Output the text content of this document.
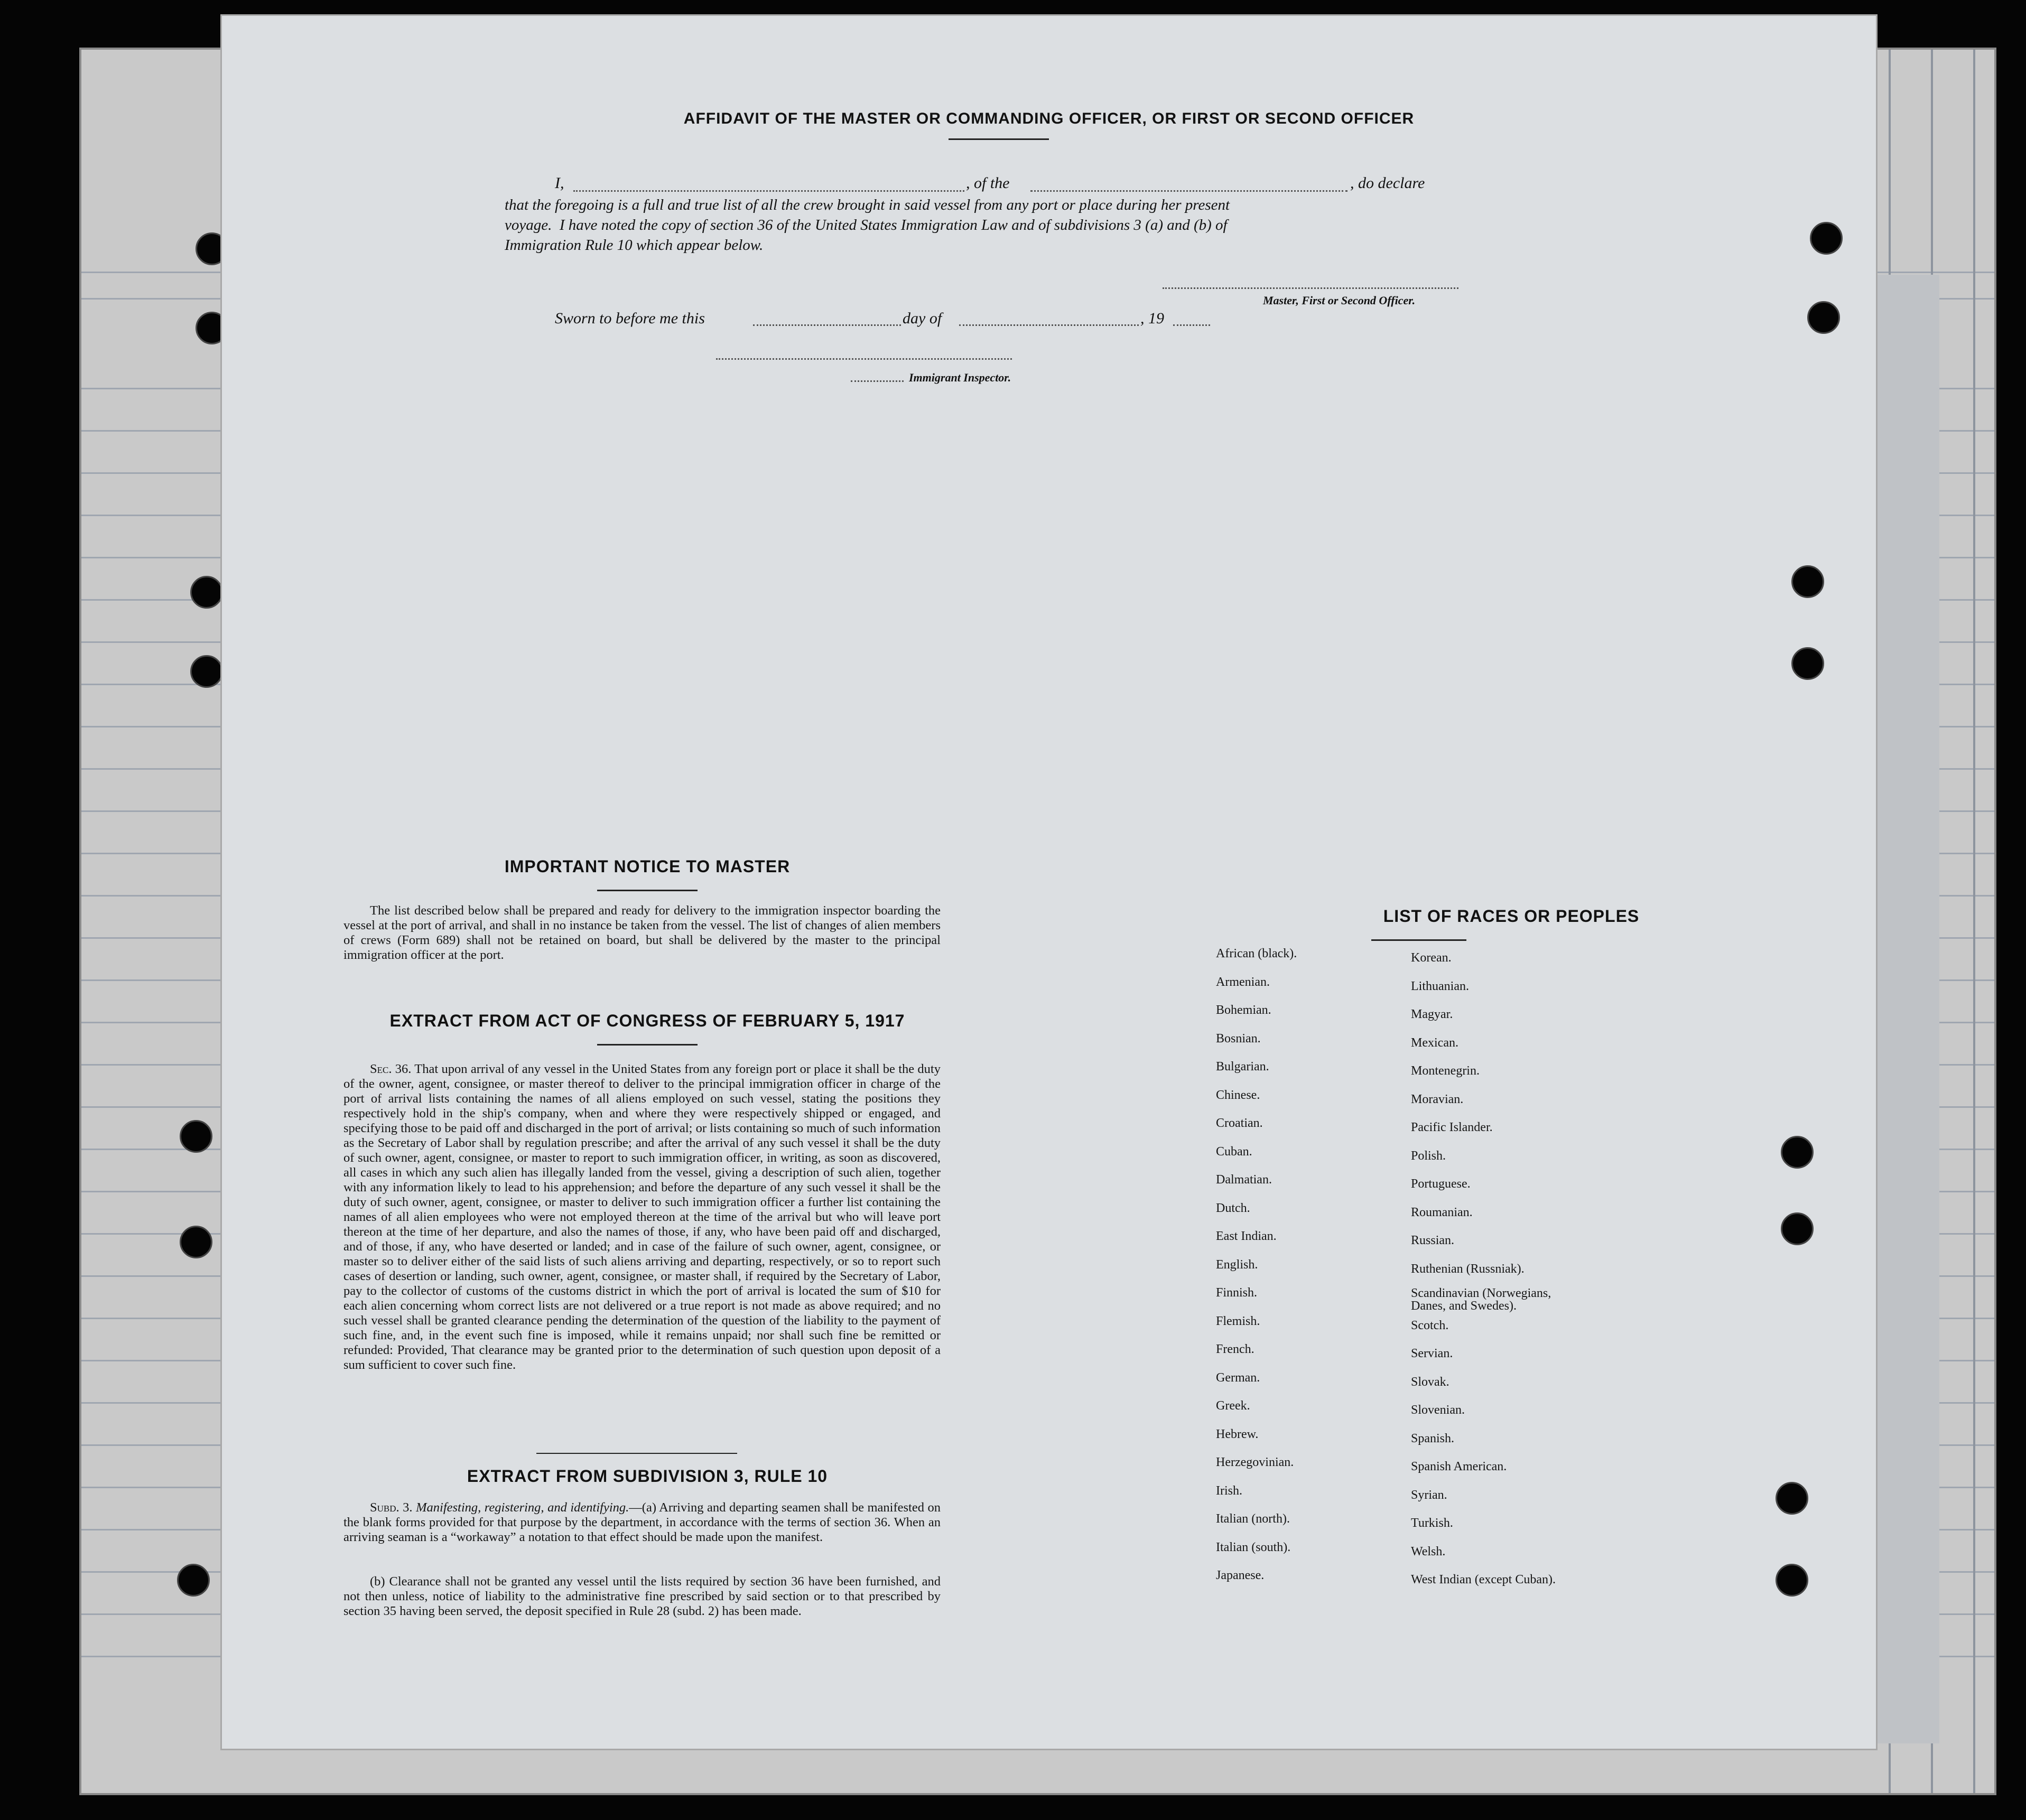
AFFIDAVIT OF THE MASTER OR COMMANDING OFFICER, OR FIRST OR SECOND OFFICER
I,	, of the	, do declare
that the foregoing is a full and true list of all the crew brought in said vessel from any port or place during her present
voyage.  I have noted the copy of section 36 of the United States Immigration Law and of subdivisions 3 (a) and (b) of
Immigration Rule 10 which appear below.
Master, First or Second Officer.
Sworn to before me this	day of	, 19
Immigrant Inspector.
IMPORTANT NOTICE TO MASTER
The list described below shall be prepared and ready for delivery to the immigration inspector boarding the vessel at the port of arrival, and shall in no instance be taken from the vessel. The list of changes of alien members of crews (Form 689) shall not be retained on board, but shall be delivered by the master to the principal immigration officer at the port.
EXTRACT FROM ACT OF CONGRESS OF FEBRUARY 5, 1917
Sec. 36. That upon arrival of any vessel in the United States from any foreign port or place it shall be the duty of the owner, agent, consignee, or master thereof to deliver to the principal immigration officer in charge of the port of arrival lists containing the names of all aliens employed on such vessel, stating the positions they respectively hold in the ship's company, when and where they were respectively shipped or engaged, and specifying those to be paid off and discharged in the port of arrival; or lists containing so much of such information as the Secretary of Labor shall by regulation prescribe; and after the arrival of any such vessel it shall be the duty of such owner, agent, consignee, or master to report to such immigration officer, in writing, as soon as discovered, all cases in which any such alien has illegally landed from the vessel, giving a description of such alien, together with any information likely to lead to his apprehension; and before the departure of any such vessel it shall be the duty of such owner, agent, consignee, or master to deliver to such immigration officer a further list containing the names of all alien employees who were not employed thereon at the time of the arrival but who will leave port thereon at the time of her departure, and also the names of those, if any, who have been paid off and discharged, and of those, if any, who have deserted or landed; and in case of the failure of such owner, agent, consignee, or master so to deliver either of the said lists of such aliens arriving and departing, respectively, or so to report such cases of desertion or landing, such owner, agent, consignee, or master shall, if required by the Secretary of Labor, pay to the collector of customs of the customs district in which the port of arrival is located the sum of $10 for each alien concerning whom correct lists are not delivered or a true report is not made as above required; and no such vessel shall be granted clearance pending the determination of the question of the liability to the payment of such fine, and, in the event such fine is imposed, while it remains unpaid; nor shall such fine be remitted or refunded: Provided, That clearance may be granted prior to the determination of such question upon deposit of a sum sufficient to cover such fine.
EXTRACT FROM SUBDIVISION 3, RULE 10
Subd. 3. Manifesting, registering, and identifying.—(a) Arriving and departing seamen shall be manifested on the blank forms provided for that purpose by the department, in accordance with the terms of section 36. When an arriving seaman is a “workaway” a notation to that effect should be made upon the manifest.
(b) Clearance shall not be granted any vessel until the lists required by section 36 have been furnished, and not then unless, notice of liability to the administrative fine prescribed by said section or to that prescribed by section 35 having been served, the deposit specified in Rule 28 (subd. 2) has been made.
LIST OF RACES OR PEOPLES
African (black).
Armenian.
Bohemian.
Bosnian.
Bulgarian.
Chinese.
Croatian.
Cuban.
Dalmatian.
Dutch.
East Indian.
English.
Finnish.
Flemish.
French.
German.
Greek.
Hebrew.
Herzegovinian.
Irish.
Italian (north).
Italian (south).
Japanese.
Korean.
Lithuanian.
Magyar.
Mexican.
Montenegrin.
Moravian.
Pacific Islander.
Polish.
Portuguese.
Roumanian.
Russian.
Ruthenian (Russniak).
Scandinavian (Norwegians, Danes, and Swedes).
Scotch.
Servian.
Slovak.
Slovenian.
Spanish.
Spanish American.
Syrian.
Turkish.
Welsh.
West Indian (except Cuban).
